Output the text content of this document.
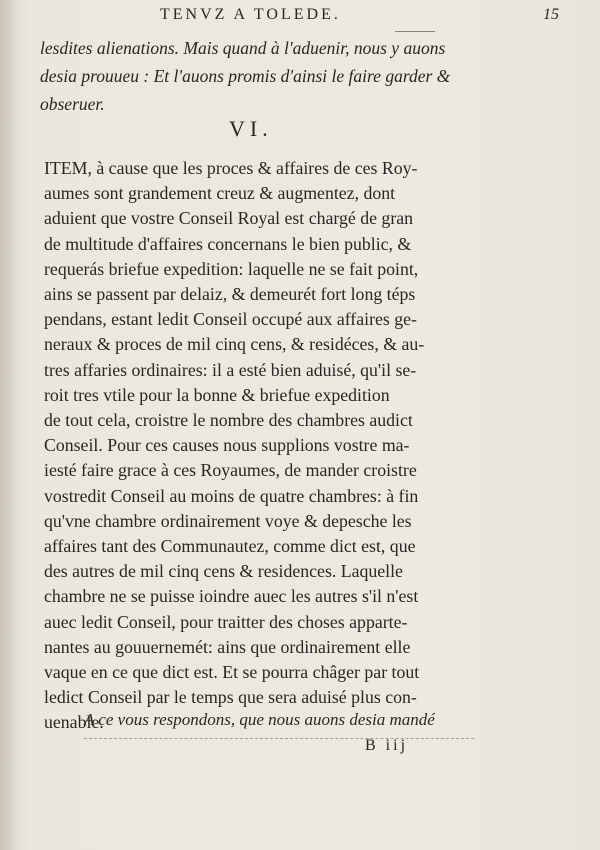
TENVZ A TOLEDE.	15
lesdites alienations. Mais quand à l'aduenir, nous y auons
desia prouueu : Et l'auons promis d'ainsi le faire garder &
obseruer.
VI.
ITEM, à cause que les proces & affaires de ces Roy-
aumes sont grandement creuz & augmentez, dont
aduient que vostre Conseil Royal est chargé de gran
de multitude d'affaires concernans le bien public, &
requerás briefue expedition: laquelle ne se fait point,
ains se passent par delaiz, & demeurét fort long téps
pendans, estant ledit Conseil occupé aux affaires ge-
neraux & proces de mil cinq cens, & residéces, & au-
tres affaries ordinaires: il a esté bien aduisé, qu'il se-
roit tres vtile pour la bonne & briefue expedition
de tout cela, croistre le nombre des chambres audict
Conseil. Pour ces causes nous supplions vostre ma-
iesté faire grace à ces Royaumes, de mander croistre
vostredit Conseil au moins de quatre chambres: à fin
qu'vne chambre ordinairement voye & depesche les
affaires tant des Communautez, comme dict est, que
des autres de mil cinq cens & residences. Laquelle
chambre ne se puisse ioindre auec les autres s'il n'est
auec ledit Conseil, pour traitter des choses apparte-
nantes au gouuernemét: ains que ordinairement elle
vaque en ce que dict est. Et se pourra châger par tout
ledict Conseil par le temps que sera aduisé plus con-
uenable.
A ce vous respondons, que nous auons desia mandé
B iij
